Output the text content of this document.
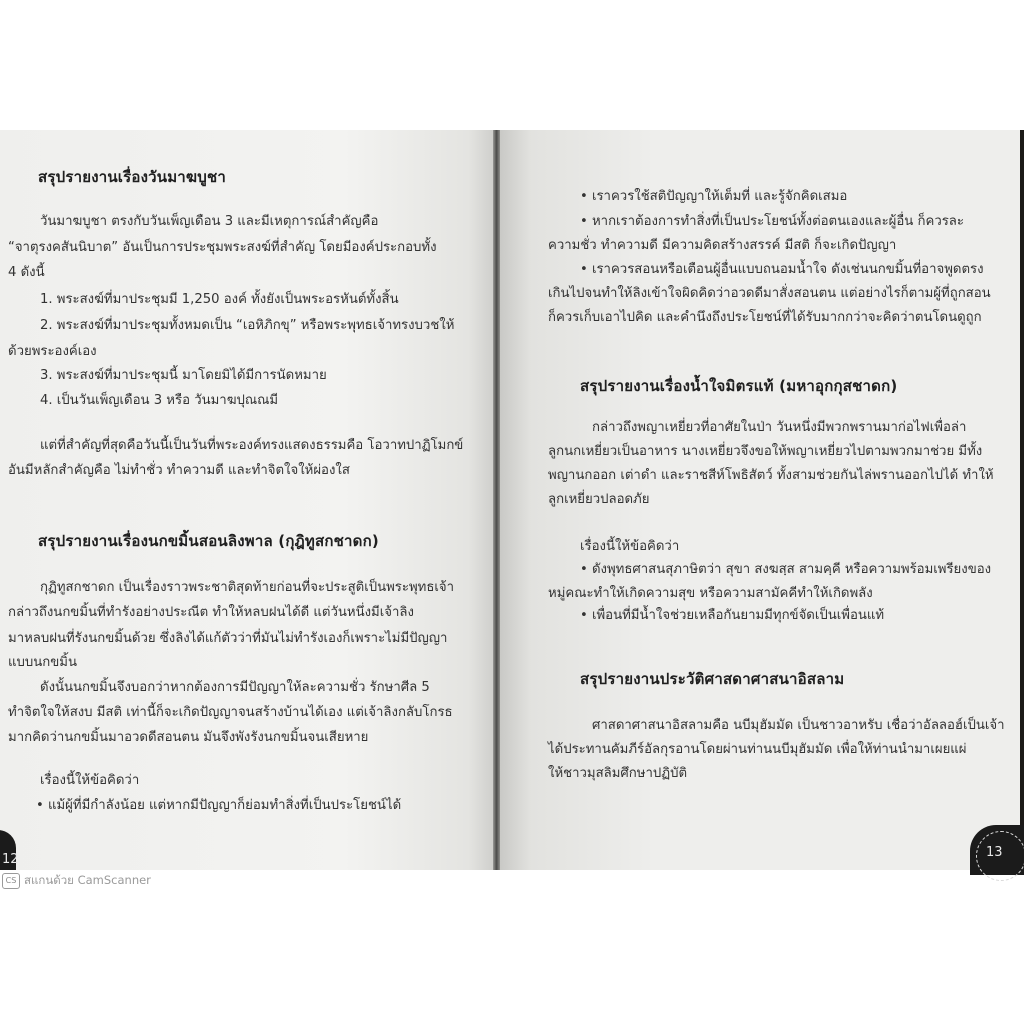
สรุปรายงานเรื่องวันมาฆบูชา
วันมาฆบูชา ตรงกับวันเพ็ญเดือน 3 และมีเหตุการณ์สำคัญคือ
“จาตุรงคสันนิบาต” อันเป็นการประชุมพระสงฆ์ที่สำคัญ โดยมีองค์ประกอบทั้ง
4 ดังนี้
1. พระสงฆ์ที่มาประชุมมี 1,250 องค์ ทั้งยังเป็นพระอรหันต์ทั้งสิ้น
2. พระสงฆ์ที่มาประชุมทั้งหมดเป็น “เอหิภิกขุ” หรือพระพุทธเจ้าทรงบวชให้
ด้วยพระองค์เอง
3. พระสงฆ์ที่มาประชุมนี้ มาโดยมิได้มีการนัดหมาย
4. เป็นวันเพ็ญเดือน 3 หรือ วันมาฆปุณณมี
แต่ที่สำคัญที่สุดคือวันนี้เป็นวันที่พระองค์ทรงแสดงธรรมคือ โอวาทปาฏิโมกข์
อันมีหลักสำคัญคือ ไม่ทำชั่ว ทำความดี และทำจิตใจให้ผ่องใส
สรุปรายงานเรื่องนกขมิ้นสอนลิงพาล (กุฎิทูสกชาดก)
กุฏิทูสกชาดก เป็นเรื่องราวพระชาติสุดท้ายก่อนที่จะประสูติเป็นพระพุทธเจ้า
กล่าวถึงนกขมิ้นที่ทำรังอย่างประณีต ทำให้หลบฝนได้ดี แต่วันหนึ่งมีเจ้าลิง
มาหลบฝนที่รังนกขมิ้นด้วย ซึ่งลิงได้แก้ตัวว่าที่มันไม่ทำรังเองก็เพราะไม่มีปัญญา
แบบนกขมิ้น
ดังนั้นนกขมิ้นจึงบอกว่าหากต้องการมีปัญญาให้ละความชั่ว รักษาศีล 5
ทำจิตใจให้สงบ มีสติ เท่านี้ก็จะเกิดปัญญาจนสร้างบ้านได้เอง แต่เจ้าลิงกลับโกรธ
มากคิดว่านกขมิ้นมาอวดดีสอนตน มันจึงพังรังนกขมิ้นจนเสียหาย
เรื่องนี้ให้ข้อคิดว่า
• แม้ผู้ที่มีกำลังน้อย แต่หากมีปัญญาก็ย่อมทำสิ่งที่เป็นประโยชน์ได้
12
• เราควรใช้สติปัญญาให้เต็มที่ และรู้จักคิดเสมอ
• หากเราต้องการทำสิ่งที่เป็นประโยชน์ทั้งต่อตนเองและผู้อื่น ก็ควรละ
ความชั่ว ทำความดี มีความคิดสร้างสรรค์ มีสติ ก็จะเกิดปัญญา
• เราควรสอนหรือเตือนผู้อื่นแบบถนอมน้ำใจ ดังเช่นนกขมิ้นที่อาจพูดตรง
เกินไปจนทำให้ลิงเข้าใจผิดคิดว่าอวดดีมาสั่งสอนตน แต่อย่างไรก็ตามผู้ที่ถูกสอน
ก็ควรเก็บเอาไปคิด และคำนึงถึงประโยชน์ที่ได้รับมากกว่าจะคิดว่าตนโดนดูถูก
สรุปรายงานเรื่องน้ำใจมิตรแท้ (มหาอุกกุสชาดก)
กล่าวถึงพญาเหยี่ยวที่อาศัยในป่า วันหนึ่งมีพวกพรานมาก่อไฟเพื่อล่า
ลูกนกเหยี่ยวเป็นอาหาร นางเหยี่ยวจึงขอให้พญาเหยี่ยวไปตามพวกมาช่วย มีทั้ง
พญานกออก เต่าดำ และราชสีห์โพธิสัตว์ ทั้งสามช่วยกันไล่พรานออกไปได้ ทำให้
ลูกเหยี่ยวปลอดภัย
เรื่องนี้ให้ข้อคิดว่า
• ดังพุทธศาสนสุภาษิตว่า สุขา สงฆสฺส สามคฺคี หรือความพร้อมเพรียงของ
หมู่คณะทำให้เกิดความสุข หรือความสามัคคีทำให้เกิดพลัง
• เพื่อนที่มีน้ำใจช่วยเหลือกันยามมีทุกข์จัดเป็นเพื่อนแท้
สรุปรายงานประวัติศาสดาศาสนาอิสลาม
ศาสดาศาสนาอิสลามคือ นบีมุฮัมมัด เป็นชาวอาหรับ เชื่อว่าอัลลอฮ์เป็นเจ้า
ได้ประทานคัมภีร์อัลกุรอานโดยผ่านท่านนบีมุฮัมมัด เพื่อให้ท่านนำมาเผยแผ่
ให้ชาวมุสลิมศึกษาปฏิบัติ
13
CS สแกนด้วย CamScanner
